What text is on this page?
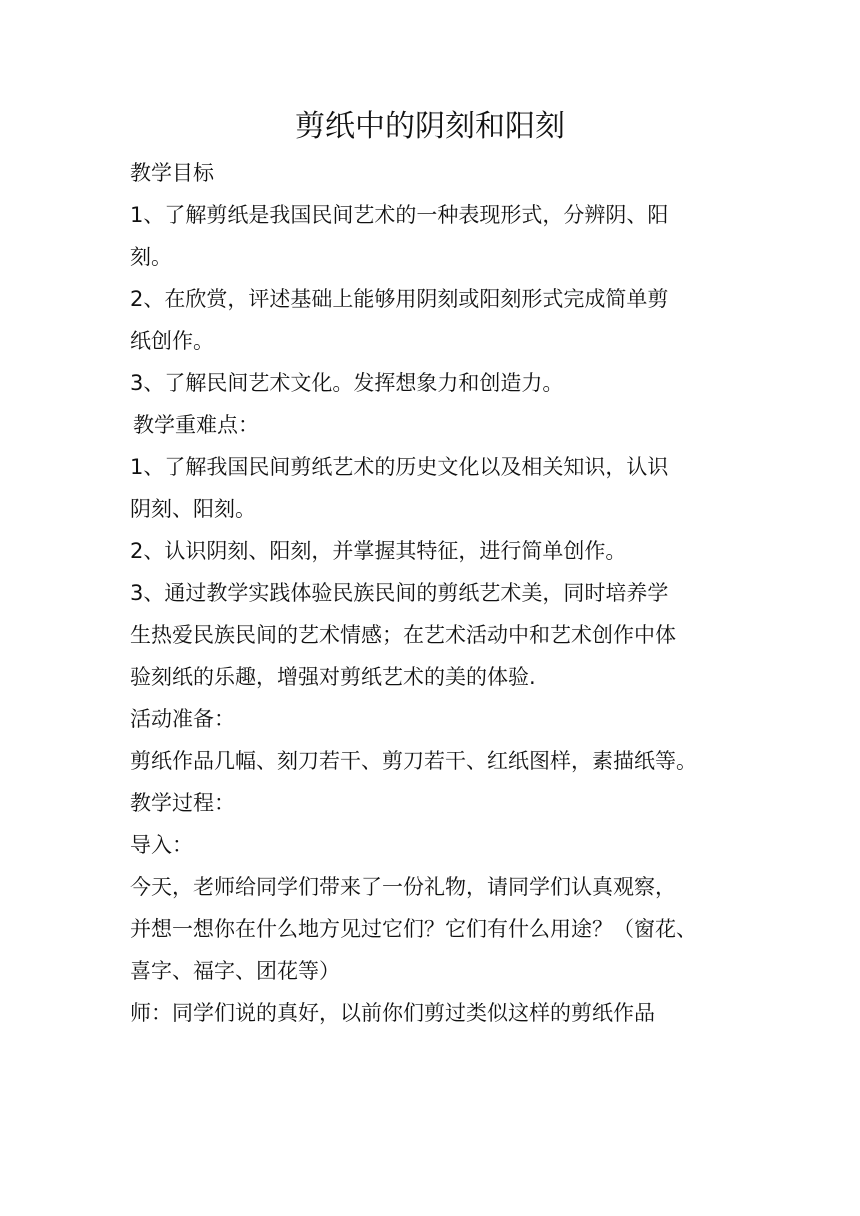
剪纸中的阴刻和阳刻
教学目标
1、了解剪纸是我国民间艺术的一种表现形式，分辨阴、阳
刻。
2、在欣赏，评述基础上能够用阴刻或阳刻形式完成简单剪
纸创作。
3、了解民间艺术文化。发挥想象力和创造力。
教学重难点：
1、了解我国民间剪纸艺术的历史文化以及相关知识，认识
阴刻、阳刻。
2、认识阴刻、阳刻，并掌握其特征，进行简单创作。
3、通过教学实践体验民族民间的剪纸艺术美，同时培养学
生热爱民族民间的艺术情感；在艺术活动中和艺术创作中体
验刻纸的乐趣，增强对剪纸艺术的美的体验.
活动准备：
剪纸作品几幅、刻刀若干、剪刀若干、红纸图样，素描纸等。
教学过程：
导入：
今天，老师给同学们带来了一份礼物，请同学们认真观察，
并想一想你在什么地方见过它们？它们有什么用途？（窗花、
喜字、福字、团花等）
师：同学们说的真好，以前你们剪过类似这样的剪纸作品
